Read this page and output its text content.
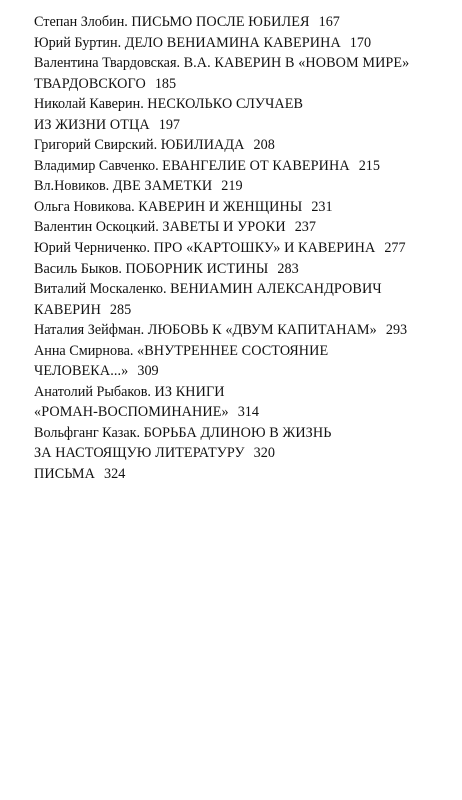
Степан Злобин. ПИСЬМО ПОСЛЕ ЮБИЛЕЯ 167
Юрий Буртин. ДЕЛО ВЕНИАМИНА КАВЕРИНА 170
Валентина Твардовская. В.А. КАВЕРИН В «НОВОМ МИРЕ»
ТВАРДОВСКОГО 185
Николай Каверин. НЕСКОЛЬКО СЛУЧАЕВ
ИЗ ЖИЗНИ ОТЦА 197
Григорий Свирский. ЮБИЛИАДА 208
Владимир Савченко. ЕВАНГЕЛИЕ ОТ КАВЕРИНА 215
Вл.Новиков. ДВЕ ЗАМЕТКИ 219
Ольга Новикова. КАВЕРИН И ЖЕНЩИНЫ 231
Валентин Оскоцкий. ЗАВЕТЫ И УРОКИ 237
Юрий Черниченко. ПРО «КАРТОШКУ» И КАВЕРИНА 277
Василь Быков. ПОБОРНИК ИСТИНЫ 283
Виталий Москаленко. ВЕНИАМИН АЛЕКСАНДРОВИЧ
КАВЕРИН 285
Наталия Зейфман. ЛЮБОВЬ К «ДВУМ КАПИТАНАМ» 293
Анна Смирнова. «ВНУТРЕННЕЕ СОСТОЯНИЕ
ЧЕЛОВЕКА...» 309
Анатолий Рыбаков. ИЗ КНИГИ
«РОМАН-ВОСПОМИНАНИЕ» 314
Вольфганг Казак. БОРЬБА ДЛИНОЮ В ЖИЗНЬ
ЗА НАСТОЯЩУЮ ЛИТЕРАТУРУ 320
ПИСЬМА 324
